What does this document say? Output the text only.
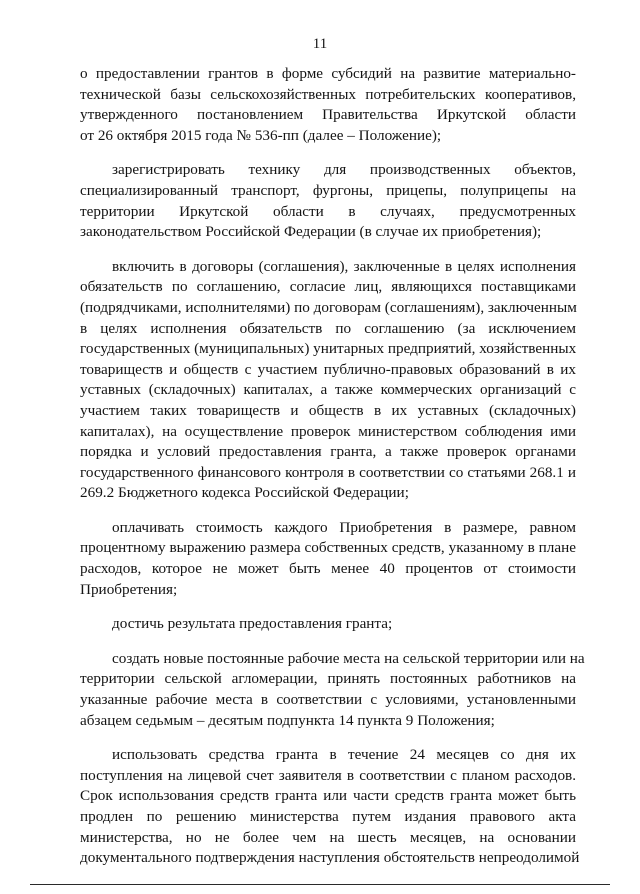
11
о предоставлении грантов в форме субсидий на развитие материально-
технической базы сельскохозяйственных потребительских кооперативов,
утвержденного постановлением Правительства Иркутской области
от 26 октября 2015 года № 536-пп (далее – Положение);
зарегистрировать технику для производственных объектов,
специализированный транспорт, фургоны, прицепы, полуприцепы на
территории Иркутской области в случаях, предусмотренных
законодательством Российской Федерации (в случае их приобретения);
включить в договоры (соглашения), заключенные в целях исполнения
обязательств по соглашению, согласие лиц, являющихся поставщиками
(подрядчиками, исполнителями) по договорам (соглашениям), заключенным
в целях исполнения обязательств по соглашению (за исключением
государственных (муниципальных) унитарных предприятий, хозяйственных
товариществ и обществ с участием публично-правовых образований в их
уставных (складочных) капиталах, а также коммерческих организаций с
участием таких товариществ и обществ в их уставных (складочных)
капиталах), на осуществление проверок министерством соблюдения ими
порядка и условий предоставления гранта, а также проверок органами
государственного финансового контроля в соответствии со статьями 268.1 и
269.2 Бюджетного кодекса Российской Федерации;
оплачивать стоимость каждого Приобретения в размере, равном
процентному выражению размера собственных средств, указанному в плане
расходов, которое не может быть менее 40 процентов от стоимости
Приобретения;
достичь результата предоставления гранта;
создать новые постоянные рабочие места на сельской территории или на
территории сельской агломерации, принять постоянных работников на
указанные рабочие места в соответствии с условиями, установленными
абзацем седьмым – десятым подпункта 14 пункта 9 Положения;
использовать средства гранта в течение 24 месяцев со дня их
поступления на лицевой счет заявителя в соответствии с планом расходов.
Срок использования средств гранта или части средств гранта может быть
продлен по решению министерства путем издания правового акта
министерства, но не более чем на шесть месяцев, на основании
документального подтверждения наступления обстоятельств непреодолимой
